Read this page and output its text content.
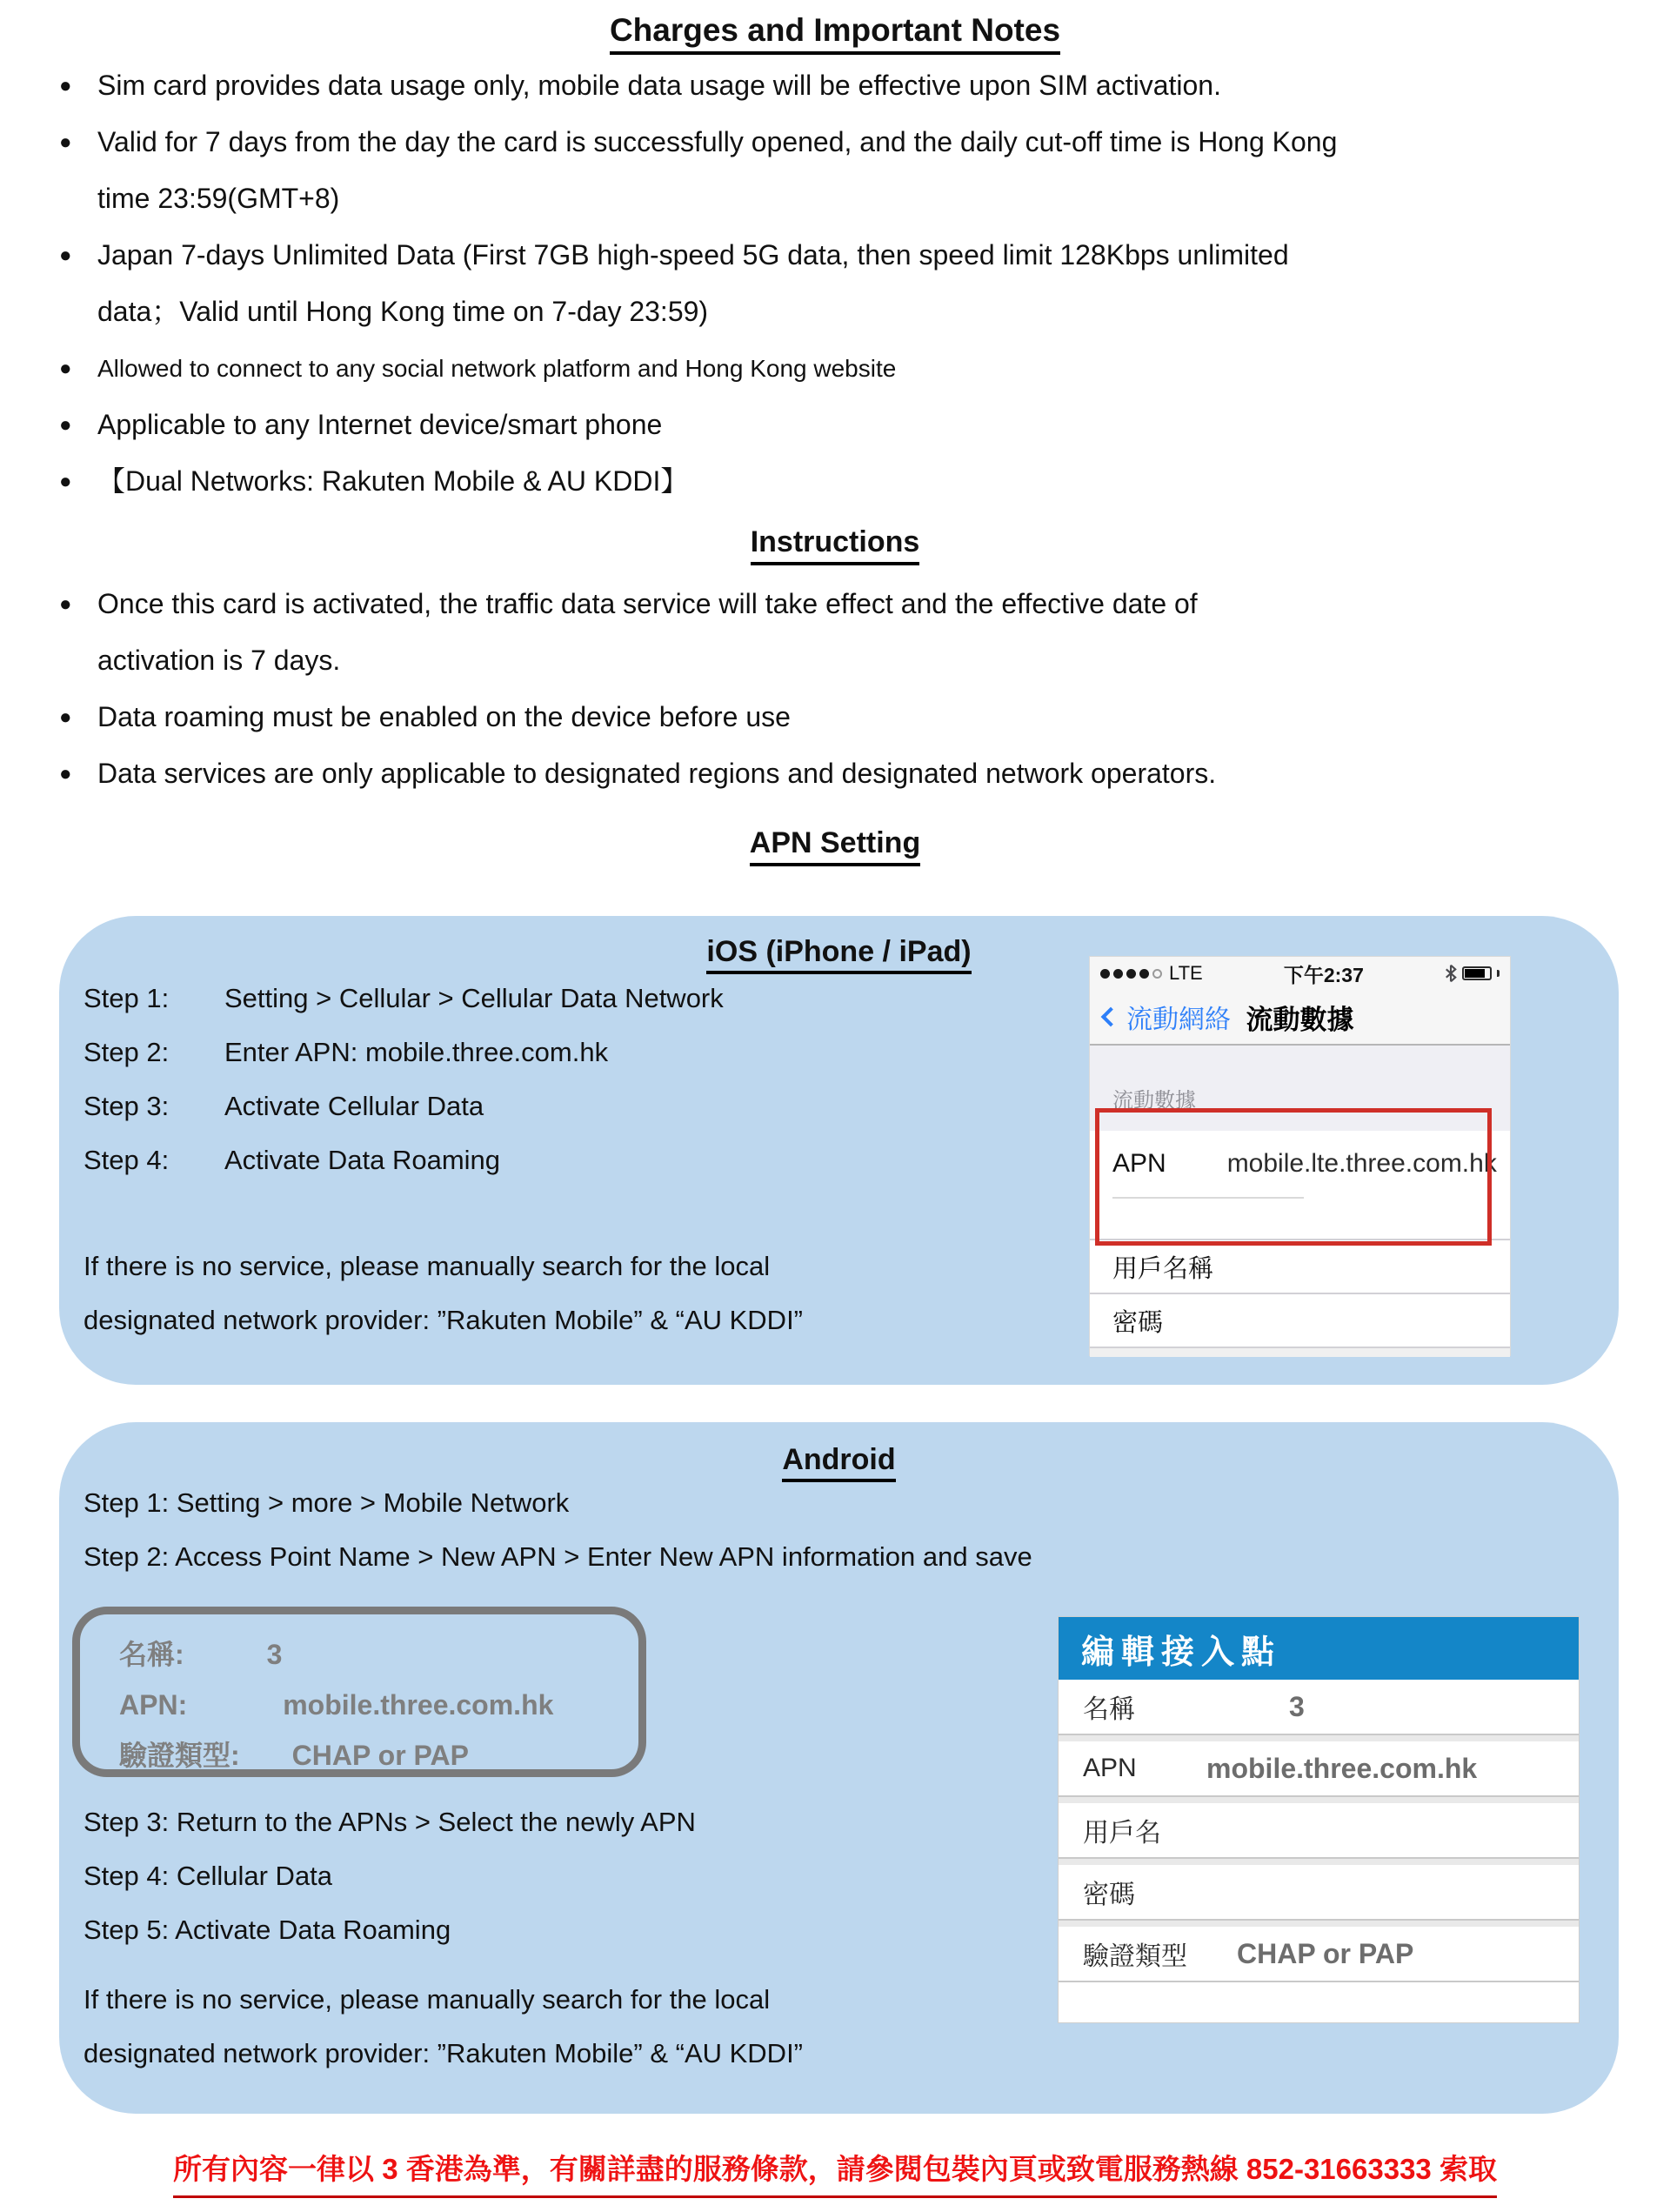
Charges and Important Notes
● Sim card provides data usage only, mobile data usage will be effective upon SIM activation.
● Valid for 7 days from the day the card is successfully opened, and the daily cut-off time is Hong Kong
time 23:59(GMT+8)
● Japan 7-days Unlimited Data (First 7GB high-speed 5G data, then speed limit 128Kbps unlimited
data；Valid until Hong Kong time on 7-day 23:59)
●	Allowed to connect to any social network platform and Hong Kong website
● Applicable to any Internet device/smart phone
● 【Dual Networks: Rakuten Mobile & AU KDDI】
Instructions
● Once this card is activated, the traffic data service will take effect and the effective date of
activation is 7 days.
● Data roaming must be enabled on the device before use
● Data services are only applicable to designated regions and designated network operators.
APN Setting
iOS (iPhone / iPad)
Step 1: Setting > Cellular > Cellular Data Network
Step 2: Enter APN: mobile.three.com.hk
Step 3: Activate Cellular Data
Step 4: Activate Data Roaming
If there is no service, please manually search for the local
designated network provider: ”Rakuten Mobile” & “AU KDDI”
LTE	下午2:37
流動網絡 流動數據
流動數據
APN mobile.lte.three.com.hk
用戶名稱
密碼
Android
Step 1: Setting > more > Mobile Network
Step 2: Access Point Name > New APN > Enter New APN information and save
名稱:	3
APN:	mobile.three.com.hk
驗證類型: CHAP or PAP
Step 3: Return to the APNs > Select the newly APN
Step 4: Cellular Data
Step 5: Activate Data Roaming
If there is no service, please manually search for the local
designated network provider: ”Rakuten Mobile” & “AU KDDI”
編輯接入點
名稱	3
APN	mobile.three.com.hk
用戶名
密碼
驗證類型 CHAP or PAP
所有內容一律以 3 香港為準，有關詳盡的服務條款，請參閱包裝內頁或致電服務熱線 852-31663333 索取
